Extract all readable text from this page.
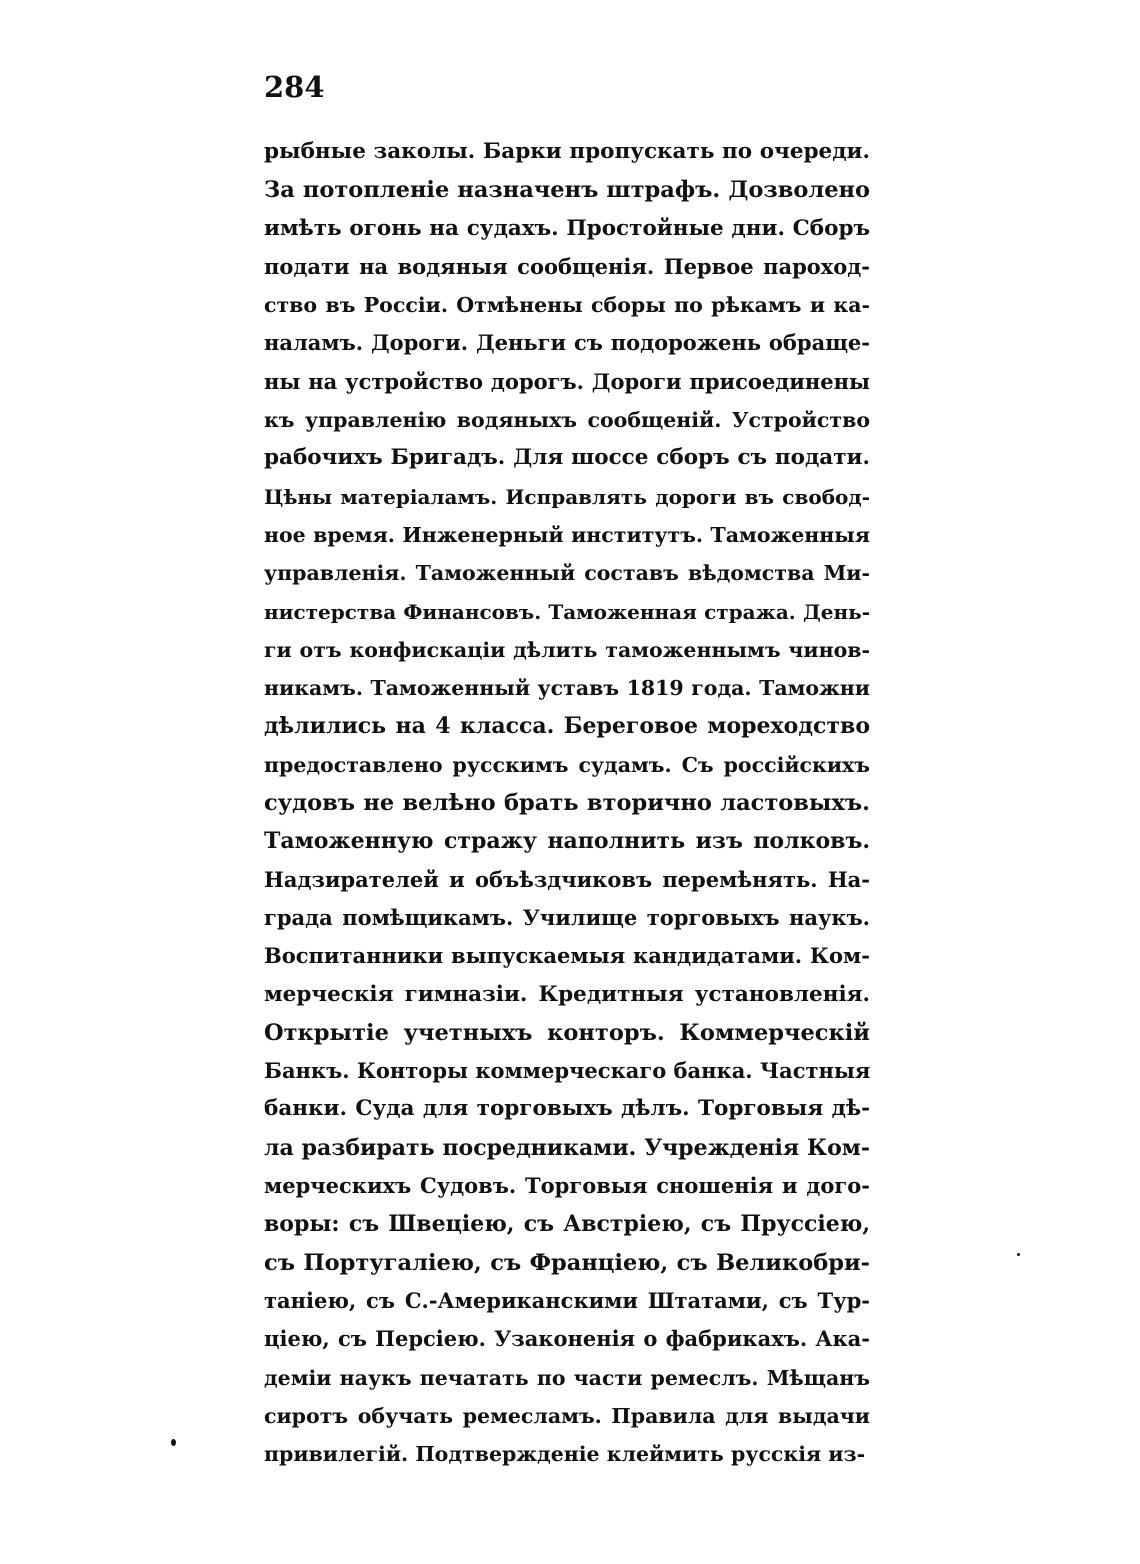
284
рыбные заколы. Барки пропускать по очереди.
За потопленіе назначенъ штрафъ. Дозволено
имѣть огонь на судахъ. Простойные дни. Сборъ
подати на водяныя сообщенія. Первое пароход-
ство въ Россіи. Отмѣнены сборы по рѣкамъ и ка-
наламъ. Дороги. Деньги съ подорожень обраще-
ны на устройство дорогъ. Дороги присоединены
къ управленію водяныхъ сообщеній. Устройство
рабочихъ Бригадъ. Для шоссе сборъ съ подати.
Цѣны матеріаламъ. Исправлять дороги въ свобод-
ное время. Инженерный институтъ. Таможенныя
управленія. Таможенный составъ вѣдомства Ми-
нистерства Финансовъ. Таможенная стража. День-
ги отъ конфискаціи дѣлить таможеннымъ чинов-
никамъ. Таможенный уставъ 1819 года. Таможни
дѣлились на 4 класса. Береговое мореходство
предоставлено русскимъ судамъ. Съ россійскихъ
судовъ не велѣно брать вторично ластовыхъ.
Таможенную стражу наполнить изъ полковъ.
Надзирателей и объѣздчиковъ перемѣнять. На-
града помѣщикамъ. Училище торговыхъ наукъ.
Воспитанники выпускаемыя кандидатами. Ком-
мерческія гимназіи. Кредитныя установленія.
Открытіе учетныхъ конторъ. Коммерческій
Банкъ. Конторы коммерческаго банка. Частныя
банки. Суда для торговыхъ дѣлъ. Торговыя дѣ-
ла разбирать посредниками. Учрежденія Ком-
мерческихъ Судовъ. Торговыя сношенія и дого-
воры: съ Швеціею, съ Австріею, съ Пруссіею,
съ Португаліею, съ Франціею, съ Великобри-
таніею, съ С.-Американскими Штатами, съ Тур-
ціею, съ Персіею. Узаконенія о фабрикахъ. Ака-
деміи наукъ печатать по части ремеслъ. Мѣщанъ
сиротъ обучать ремесламъ. Правила для выдачи
привилегій. Подтвержденіе клеймить русскія из-
